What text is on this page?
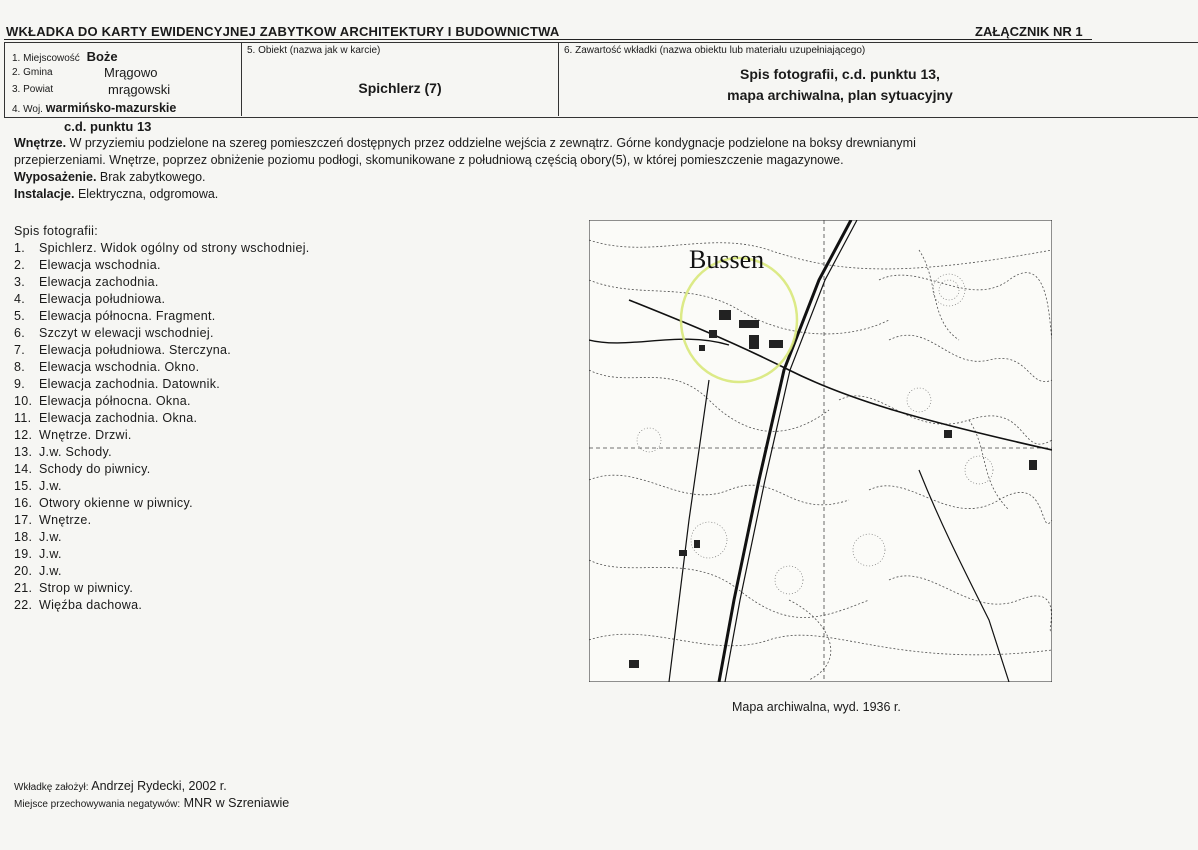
WKŁADKA DO KARTY EWIDENCYJNEJ ZABYTKOW ARCHITEKTURY I BUDOWNICTWA	ZAŁĄCZNIK NR 1
1. Miejscowość Boże
2. Gmina	Mrągowo
3. Powiat	mrągowski
4. Woj. warmińsko-mazurskie
5. Obiekt (nazwa jak w karcie)
Spichlerz (7)
6. Zawartość wkładki (nazwa obiektu lub materiału uzupełniającego)
Spis fotografii, c.d. punktu 13,
mapa archiwalna, plan sytuacyjny
c.d. punktu 13
Wnętrze. W przyziemiu podzielone na szereg pomieszczeń dostępnych przez oddzielne wejścia z zewnątrz. Górne kondygnacje podzielone na boksy drewnianymi
przepierzeniami. Wnętrze, poprzez obniżenie poziomu podłogi, skomunikowane z południową częścią obory(5), w której pomieszczenie magazynowe.
Wyposażenie. Brak zabytkowego.
Instalacje. Elektryczna, odgromowa.
Spis fotografii:
1.	Spichlerz. Widok ogólny od strony wschodniej.
2.	Elewacja wschodnia.
3.	Elewacja zachodnia.
4.	Elewacja południowa.
5.	Elewacja północna. Fragment.
6.	Szczyt w elewacji wschodniej.
7.	Elewacja południowa. Sterczyna.
8.	Elewacja wschodnia. Okno.
9.	Elewacja zachodnia. Datownik.
10. Elewacja północna. Okna.
11. Elewacja zachodnia. Okna.
12. Wnętrze. Drzwi.
13. J.w. Schody.
14. Schody do piwnicy.
15. J.w.
16. Otwory okienne w piwnicy.
17. Wnętrze.
18. J.w.
19. J.w.
20. J.w.
21. Strop w piwnicy.
22. Więźba dachowa.
Bussen
Mapa archiwalna, wyd. 1936 r.
Wkładkę założył: Andrzej Rydecki, 2002 r.
Miejsce przechowywania negatywów: MNR w Szreniawie
